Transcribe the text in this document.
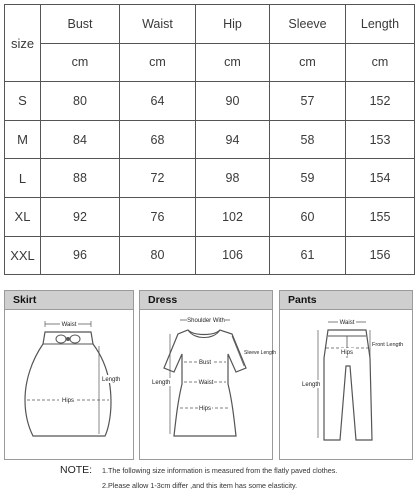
size	Bust	Waist	Hip	Sleeve	Length
	cm	cm	cm	cm	cm
S	80	64	90	57	152
M	84	68	94	58	153
L	88	72	98	59	154
XL	92	76	102	60	155
XXL	96	80	106	61	156
Skirt
Waist
Hips
Length
Dress
Shoulder With
Bust
Sleeve Length
Waist
Hips
Length
Pants
Waist
Hips
Front Length
Length
NOTE: 1.The following size information is measured from the flatly paved clothes.
2.Please allow 1-3cm differ ,and this item has some elasticity.
